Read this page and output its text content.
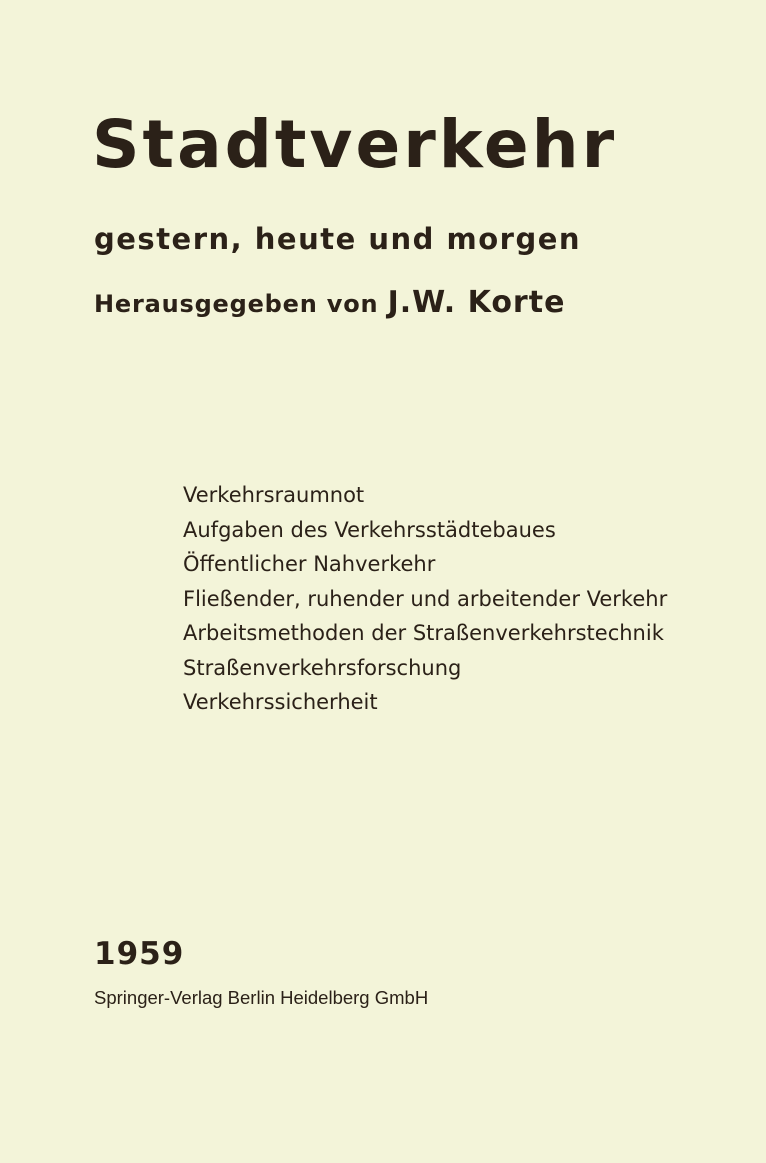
Stadtverkehr
gestern, heute und morgen
Herausgegeben von J.W. Korte
Verkehrsraumnot
Aufgaben des Verkehrsstädtebaues
Öffentlicher Nahverkehr
Fließender, ruhender und arbeitender Verkehr
Arbeitsmethoden der Straßenverkehrstechnik
Straßenverkehrsforschung
Verkehrssicherheit
1959
Springer-Verlag Berlin Heidelberg GmbH
